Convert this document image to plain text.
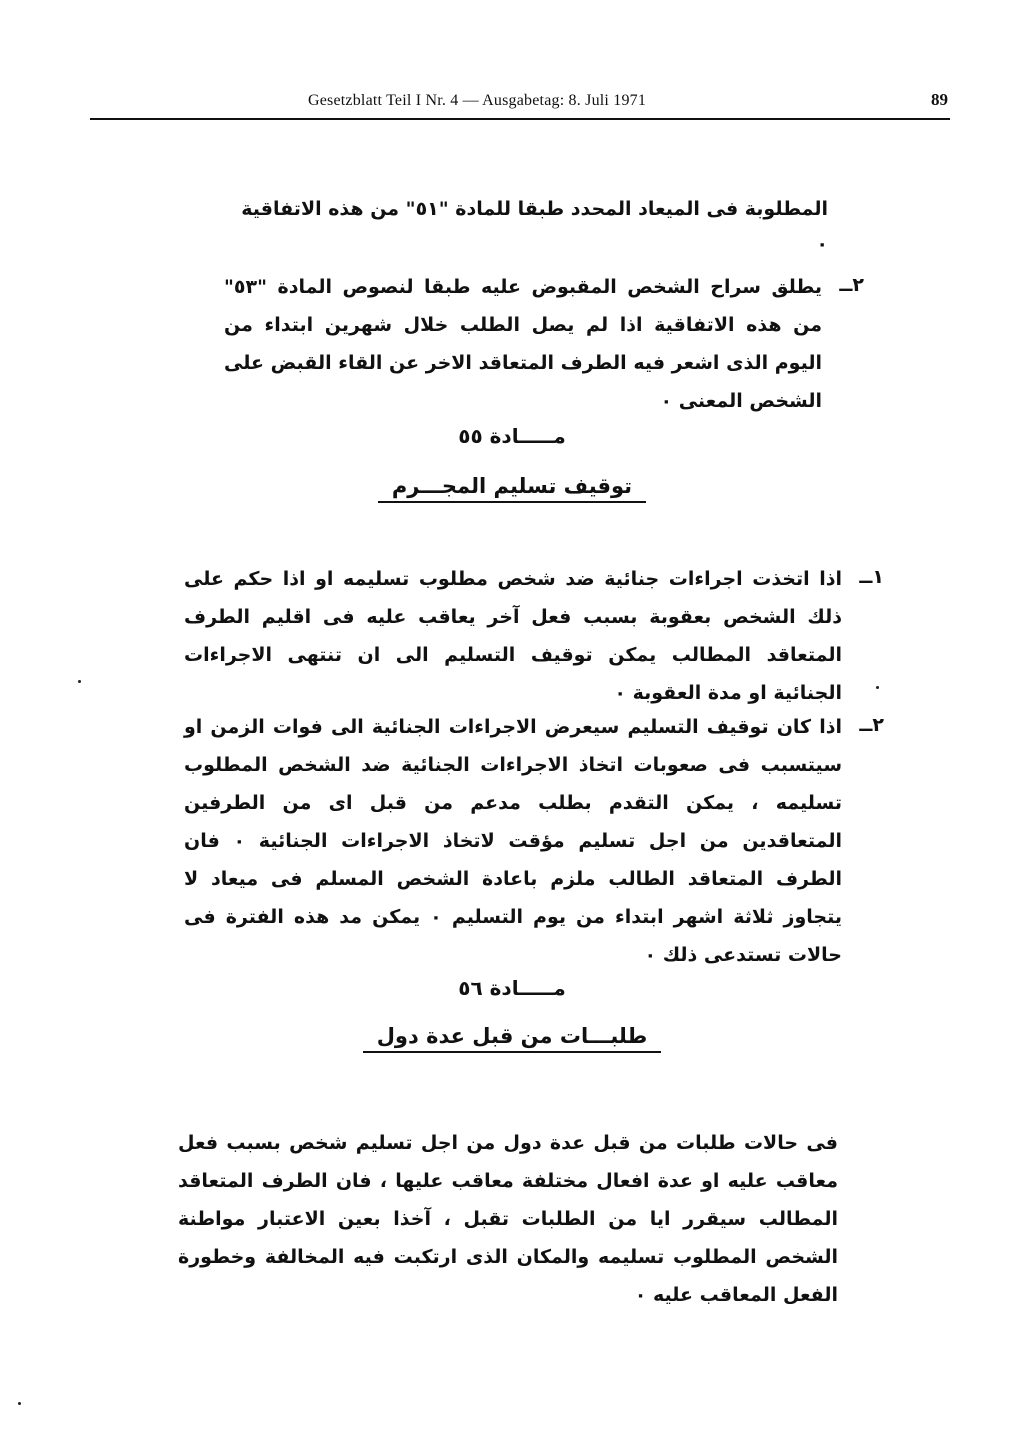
Gesetzblatt Teil I Nr. 4 — Ausgabetag: 8. Juli 1971	89
المطلوبة فى الميعاد المحدد طبقا للمادة "٥١" من هذه الاتفاقية ٠
٢ــ
يطلق سراح الشخص المقبوض عليه طبقا لنصوص المادة "٥٣" من هذه الاتفاقية اذا لم يصل الطلب خلال شهرين ابتداء من اليوم الذى اشعر فيه الطرف المتعاقد الاخر عن القاء القبض على الشخص المعنى ٠
مـــــادة ٥٥
توقيف تسليم المجـــرم
١ــ
اذا اتخذت اجراءات جنائية ضد شخص مطلوب تسليمه او اذا حكم على ذلك الشخص بعقوبة بسبب فعل آخر يعاقب عليه فى اقليم الطرف المتعاقد المطالب يمكن توقيف التسليم الى ان تنتهى الاجراءات الجنائية او مدة العقوبة ٠
٢ــ
اذا كان توقيف التسليم سيعرض الاجراءات الجنائية الى فوات الزمن او سيتسبب فى صعوبات اتخاذ الاجراءات الجنائية ضد الشخص المطلوب تسليمه ، يمكن التقدم بطلب مدعم من قبل اى من الطرفين المتعاقدين من اجل تسليم مؤقت لاتخاذ الاجراءات الجنائية ٠ فان الطرف المتعاقد الطالب ملزم باعادة الشخص المسلم فى ميعاد لا يتجاوز ثلاثة اشهر ابتداء من يوم التسليم ٠ يمكن مد هذه الفترة فى حالات تستدعى ذلك ٠
مـــــادة ٥٦
طلبـــات من قبل عدة دول
فى حالات طلبات من قبل عدة دول من اجل تسليم شخص بسبب فعل معاقب عليه او عدة افعال مختلفة معاقب عليها ، فان الطرف المتعاقد المطالب سيقرر ايا من الطلبات تقبل ، آخذا بعين الاعتبار مواطنة الشخص المطلوب تسليمه والمكان الذى ارتكبت فيه المخالفة وخطورة الفعل المعاقب عليه ٠
